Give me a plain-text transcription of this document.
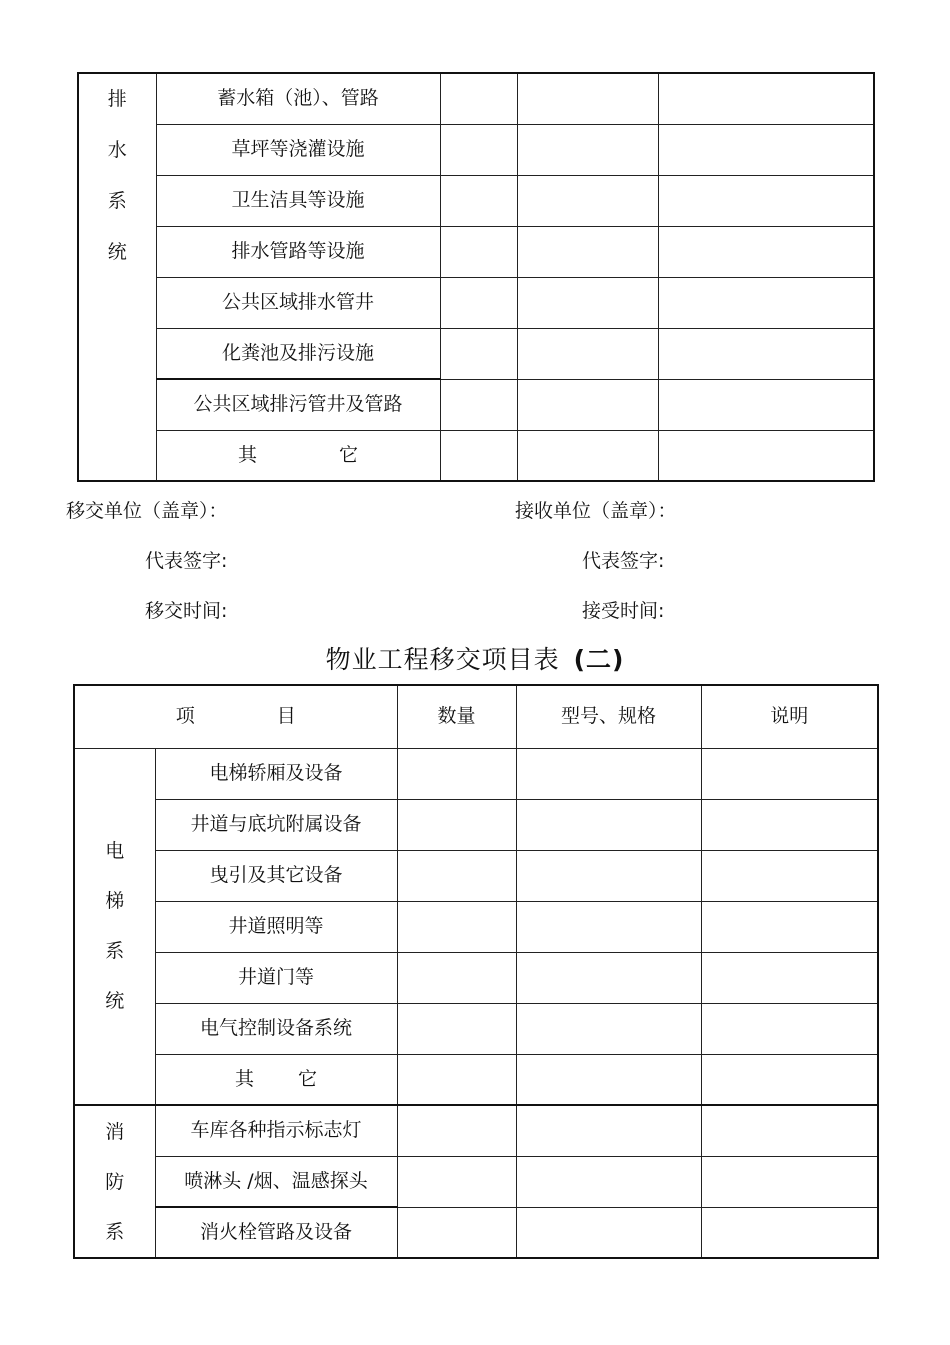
排
水
系
统	蓄水箱（池）、管路			
	草坪等浇灌设施			
	卫生洁具等设施			
	排水管路等设施			
	公共区域排水管井			
	化粪池及排污设施			
	公共区域排污管井及管路			
	其 它			
移交单位（盖章）：	接收单位（盖章）：
代表签字:	代表签字:
移交时间:	接受时间:
物业工程移交项目表 (二)
项 目		数量	型号、规格	说明

电
梯
系
统	电梯轿厢及设备			
	井道与底坑附属设备			
	曳引及其它设备			
	井道照明等			
	井道门等			
	电气控制设备系统			
	其 它			

消
防
系	车库各种指示标志灯			
	喷淋头 /烟、温感探头			
	消火栓管路及设备			
